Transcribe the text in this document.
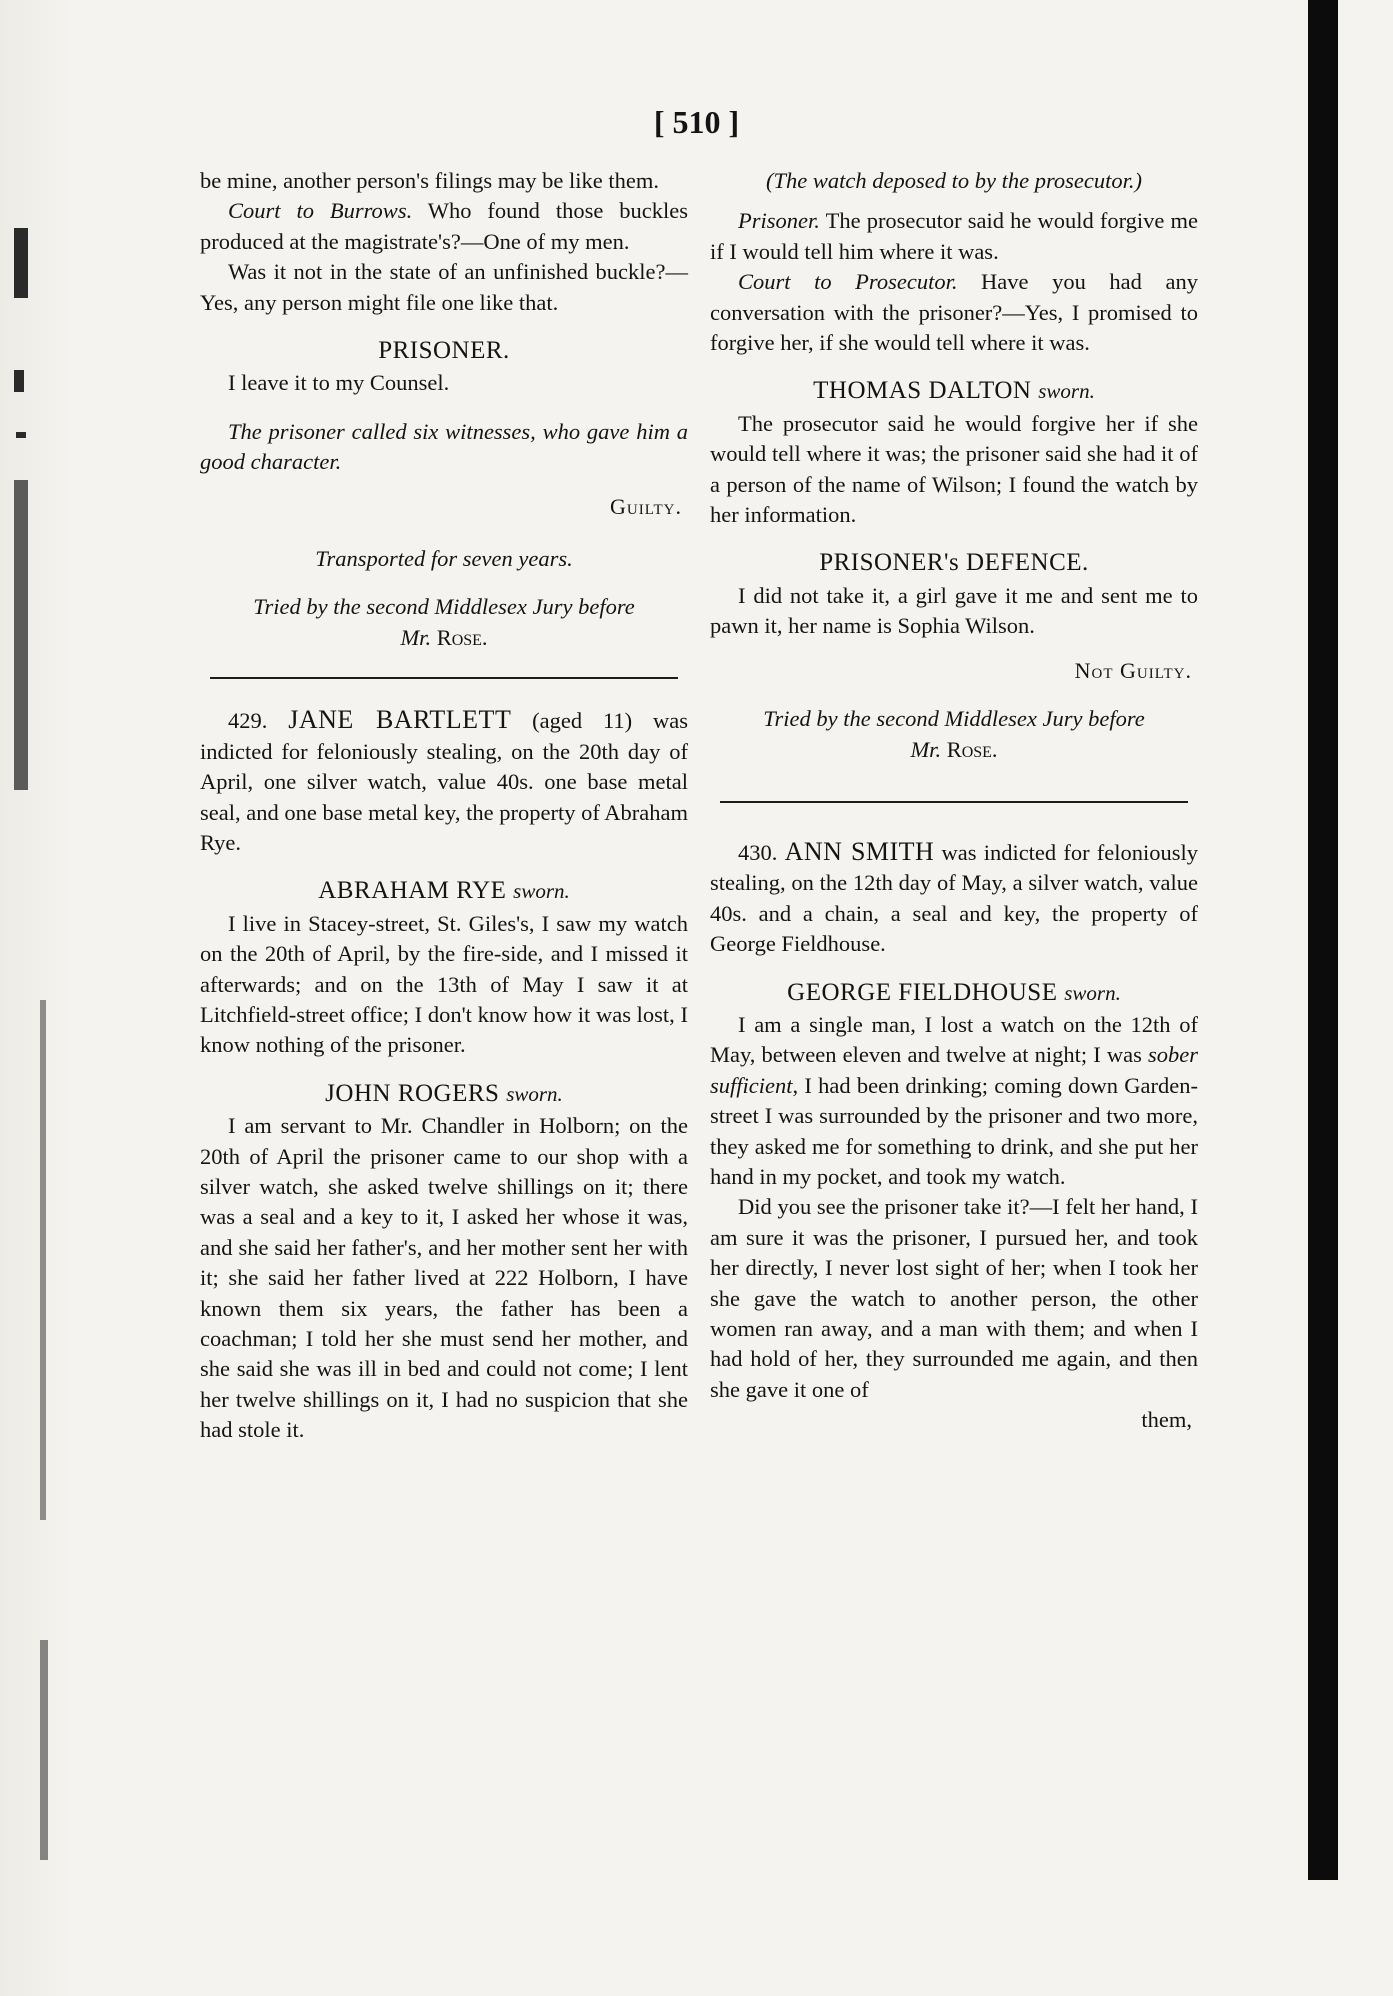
[ 510 ]

be mine, another person's filings may be like them.

Court to Burrows. Who found those buckles produced at the magistrate's?—One of my men.

Was it not in the state of an unfinished buckle?—Yes, any person might file one like that.

PRISONER.

I leave it to my Counsel.

The prisoner called six witnesses, who gave him a good character.

Guilty.

Transported for seven years.

Tried by the second Middlesex Jury before
Mr. Rose.

429. JANE BARTLETT (aged 11) was indicted for feloniously stealing, on the 20th day of April, one silver watch, value 40s. one base metal seal, and one base metal key, the property of Abraham Rye.

ABRAHAM RYE sworn.

I live in Stacey-street, St. Giles's, I saw my watch on the 20th of April, by the fire-side, and I missed it afterwards; and on the 13th of May I saw it at Litchfield-street office; I don't know how it was lost, I know nothing of the prisoner.

JOHN ROGERS sworn.

I am servant to Mr. Chandler in Holborn; on the 20th of April the prisoner came to our shop with a silver watch, she asked twelve shillings on it; there was a seal and a key to it, I asked her whose it was, and she said her father's, and her mother sent her with it; she said her father lived at 222 Holborn, I have known them six years, the father has been a coachman; I told her she must send her mother, and she said she was ill in bed and could not come; I lent her twelve shillings on it, I had no suspicion that she had stole it.

(The watch deposed to by the prosecutor.)

Prisoner. The prosecutor said he would forgive me if I would tell him where it was.

Court to Prosecutor. Have you had any conversation with the prisoner?—Yes, I promised to forgive her, if she would tell where it was.

THOMAS DALTON sworn.

The prosecutor said he would forgive her if she would tell where it was; the prisoner said she had it of a person of the name of Wilson; I found the watch by her information.

PRISONER's DEFENCE.

I did not take it, a girl gave it me and sent me to pawn it, her name is Sophia Wilson.

Not Guilty.

Tried by the second Middlesex Jury before
Mr. Rose.

430. ANN SMITH was indicted for feloniously stealing, on the 12th day of May, a silver watch, value 40s. and a chain, a seal and key, the property of George Fieldhouse.

GEORGE FIELDHOUSE sworn.

I am a single man, I lost a watch on the 12th of May, between eleven and twelve at night; I was sober sufficient, I had been drinking; coming down Garden-street I was surrounded by the prisoner and two more, they asked me for something to drink, and she put her hand in my pocket, and took my watch.

Did you see the prisoner take it?—I felt her hand, I am sure it was the prisoner, I pursued her, and took her directly, I never lost sight of her; when I took her she gave the watch to another person, the other women ran away, and a man with them; and when I had hold of her, they surrounded me again, and then she gave it one of

them,
